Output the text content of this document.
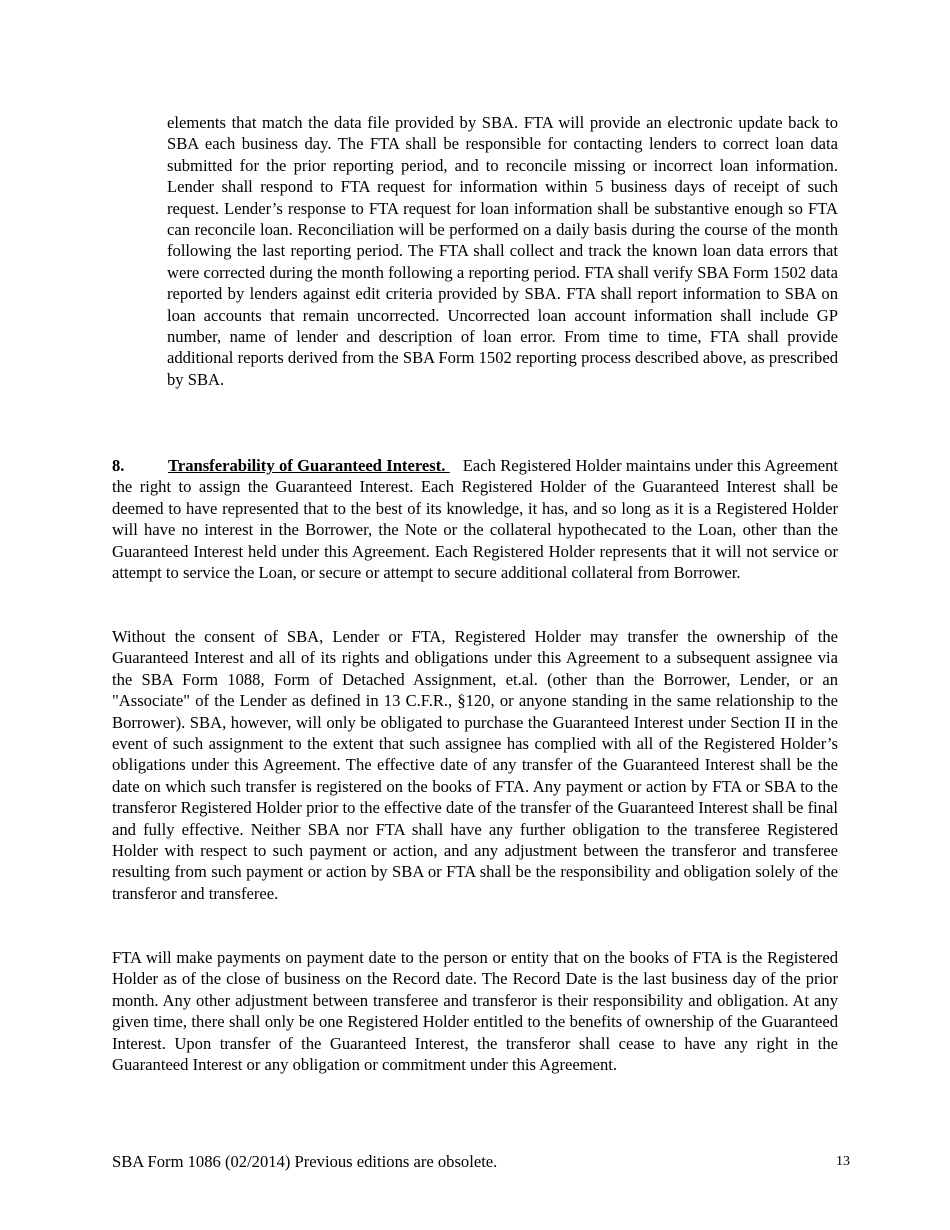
elements that match the data file provided by SBA. FTA will provide an electronic update back to SBA each business day. The FTA shall be responsible for contacting lenders to correct loan data submitted for the prior reporting period, and to reconcile missing or incorrect loan information. Lender shall respond to FTA request for information within 5 business days of receipt of such request. Lender’s response to FTA request for loan information shall be substantive enough so FTA can reconcile loan. Reconciliation will be performed on a daily basis during the course of the month following the last reporting period. The FTA shall collect and track the known loan data errors that were corrected during the month following a reporting period. FTA shall verify SBA Form 1502 data reported by lenders against edit criteria provided by SBA. FTA shall report information to SBA on loan accounts that remain uncorrected. Uncorrected loan account information shall include GP number, name of lender and description of loan error. From time to time, FTA shall provide additional reports derived from the SBA Form 1502 reporting process described above, as prescribed by SBA.

8.	Transferability of Guaranteed Interest. Each Registered Holder maintains under this Agreement the right to assign the Guaranteed Interest. Each Registered Holder of the Guaranteed Interest shall be deemed to have represented that to the best of its knowledge, it has, and so long as it is a Registered Holder will have no interest in the Borrower, the Note or the collateral hypothecated to the Loan, other than the Guaranteed Interest held under this Agreement. Each Registered Holder represents that it will not service or attempt to service the Loan, or secure or attempt to secure additional collateral from Borrower.

Without the consent of SBA, Lender or FTA, Registered Holder may transfer the ownership of the Guaranteed Interest and all of its rights and obligations under this Agreement to a subsequent assignee via the SBA Form 1088, Form of Detached Assignment, et.al. (other than the Borrower, Lender, or an "Associate" of the Lender as defined in 13 C.F.R., §120, or anyone standing in the same relationship to the Borrower). SBA, however, will only be obligated to purchase the Guaranteed Interest under Section II in the event of such assignment to the extent that such assignee has complied with all of the Registered Holder’s obligations under this Agreement. The effective date of any transfer of the Guaranteed Interest shall be the date on which such transfer is registered on the books of FTA. Any payment or action by FTA or SBA to the transferor Registered Holder prior to the effective date of the transfer of the Guaranteed Interest shall be final and fully effective. Neither SBA nor FTA shall have any further obligation to the transferee Registered Holder with respect to such payment or action, and any adjustment between the transferor and transferee resulting from such payment or action by SBA or FTA shall be the responsibility and obligation solely of the transferor and transferee.

FTA will make payments on payment date to the person or entity that on the books of FTA is the Registered Holder as of the close of business on the Record date. The Record Date is the last business day of the prior month. Any other adjustment between transferee and transferor is their responsibility and obligation. At any given time, there shall only be one Registered Holder entitled to the benefits of ownership of the Guaranteed Interest. Upon transfer of the Guaranteed Interest, the transferor shall cease to have any right in the Guaranteed Interest or any obligation or commitment under this Agreement.

SBA Form 1086 (02/2014) Previous editions are obsolete.	13
